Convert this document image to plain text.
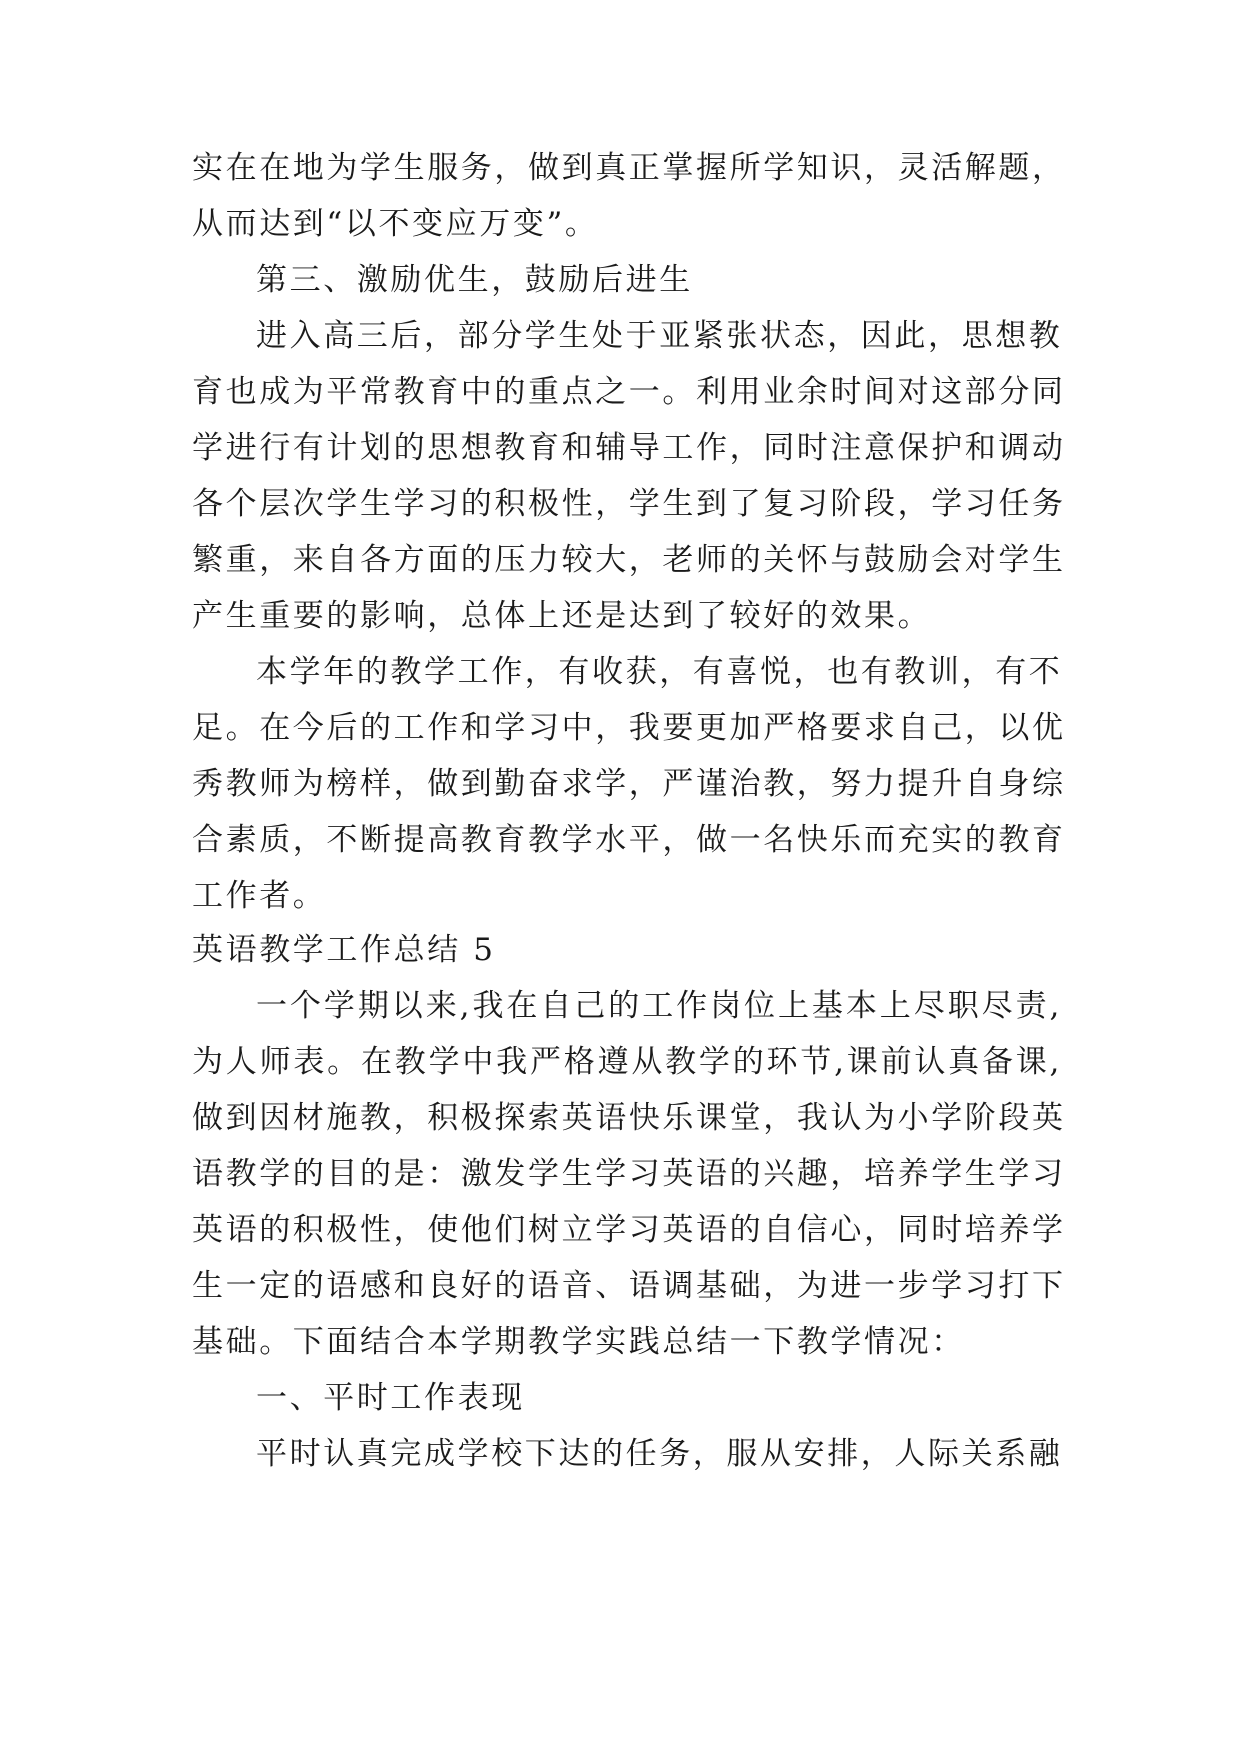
实在在地为学生服务，做到真正掌握所学知识，灵活解题，
从而达到“以不变应万变”。
第三、激励优生，鼓励后进生
进入高三后，部分学生处于亚紧张状态，因此，思想教
育也成为平常教育中的重点之一。利用业余时间对这部分同
学进行有计划的思想教育和辅导工作，同时注意保护和调动
各个层次学生学习的积极性，学生到了复习阶段，学习任务
繁重，来自各方面的压力较大，老师的关怀与鼓励会对学生
产生重要的影响，总体上还是达到了较好的效果。
本学年的教学工作，有收获，有喜悦，也有教训，有不
足。在今后的工作和学习中，我要更加严格要求自己，以优
秀教师为榜样，做到勤奋求学，严谨治教，努力提升自身综
合素质，不断提高教育教学水平，做一名快乐而充实的教育
工作者。
英语教学工作总结 5
一个学期以来,我在自己的工作岗位上基本上尽职尽责,
为人师表。在教学中我严格遵从教学的环节,课前认真备课,
做到因材施教，积极探索英语快乐课堂，我认为小学阶段英
语教学的目的是：激发学生学习英语的兴趣，培养学生学习
英语的积极性，使他们树立学习英语的自信心，同时培养学
生一定的语感和良好的语音、语调基础，为进一步学习打下
基础。下面结合本学期教学实践总结一下教学情况：
一、平时工作表现
平时认真完成学校下达的任务，服从安排，人际关系融
